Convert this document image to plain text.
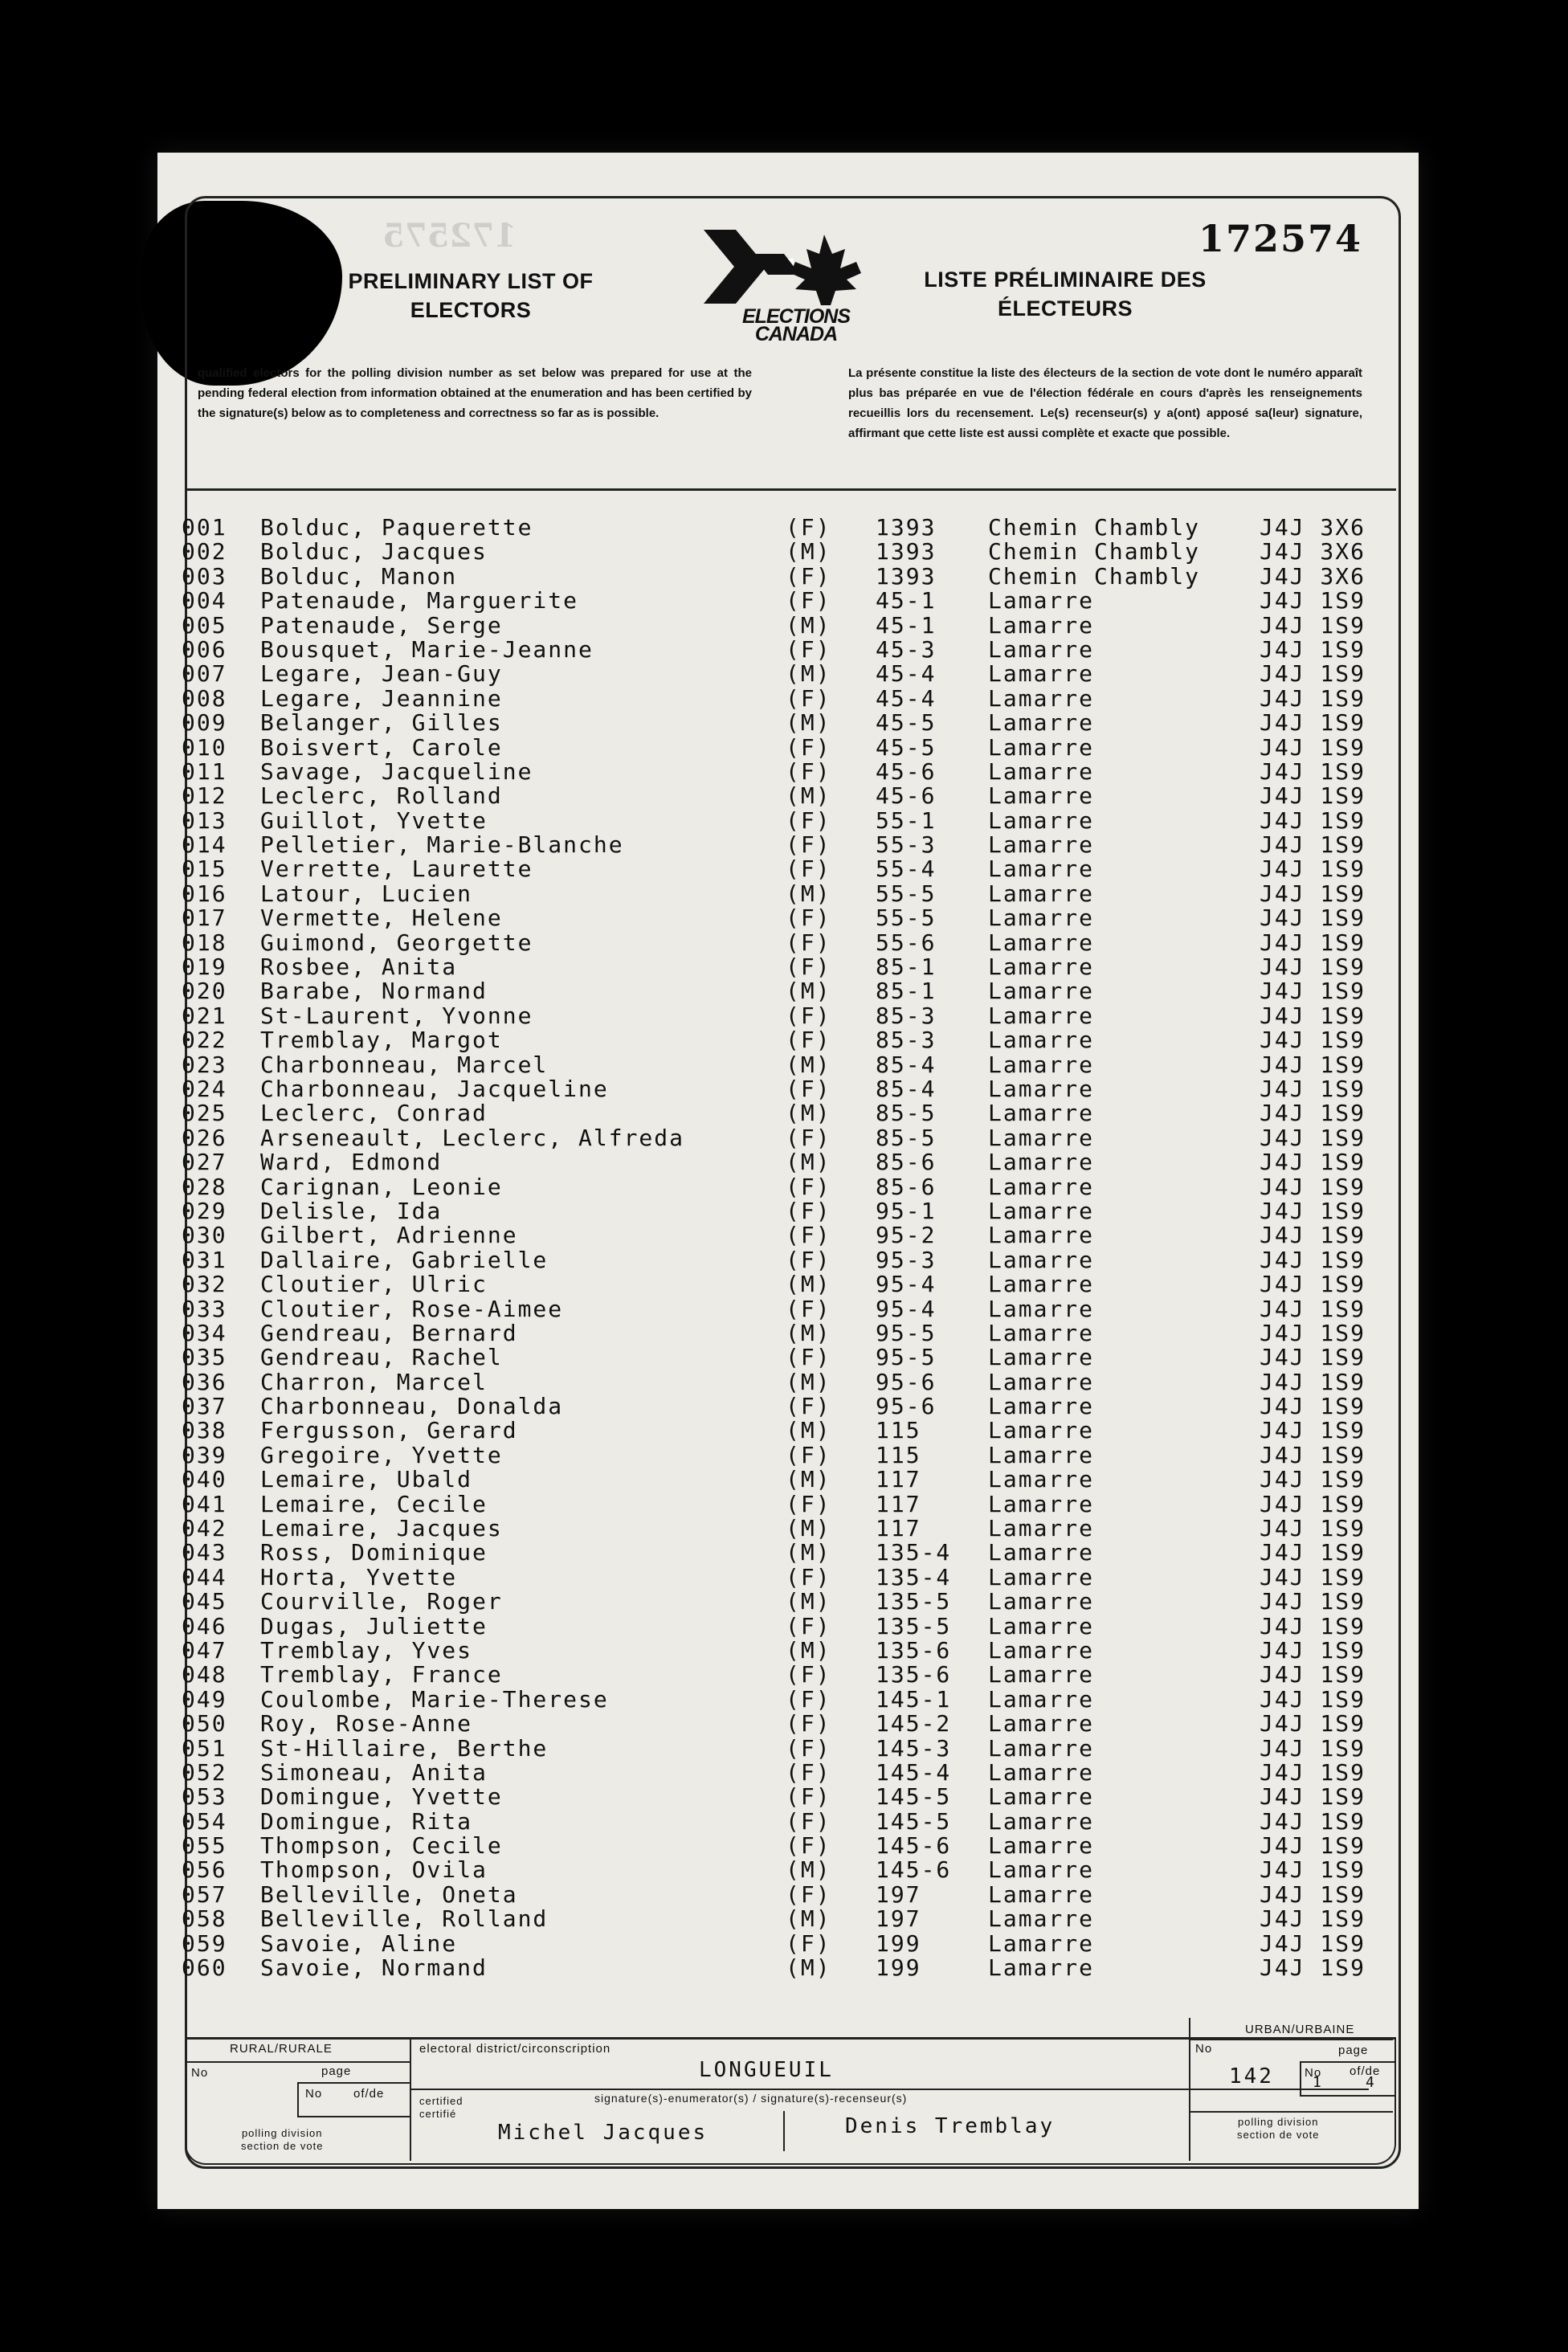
172575	172574
PRELIMINARY LIST OF ELECTORS
LISTE PRÉLIMINAIRE DES ÉLECTEURS
ELECTIONS
CANADA
qualified electors for the polling division number as set below was prepared for use at the pending federal election from information obtained at the enumeration and has been certified by the signature(s) below as to completeness and correctness so far as is possible.
La présente constitue la liste des électeurs de la section de vote dont le numéro apparaît plus bas préparée en vue de l'élection fédérale en cours d'après les renseignements recueillis lors du recensement. Le(s) recenseur(s) y a(ont) apposé sa(leur) signature, affirmant que cette liste est aussi complète et exacte que possible.
001 Bolduc, Paquerette	(F) 1393 Chemin Chambly	J4J 3X6
002 Bolduc, Jacques	(M) 1393 Chemin Chambly	J4J 3X6
003 Bolduc, Manon	(F) 1393 Chemin Chambly	J4J 3X6
004 Patenaude, Marguerite	(F) 45-1 Lamarre	J4J 1S9
005 Patenaude, Serge	(M) 45-1 Lamarre	J4J 1S9
006 Bousquet, Marie-Jeanne	(F) 45-3 Lamarre	J4J 1S9
007 Legare, Jean-Guy	(M) 45-4 Lamarre	J4J 1S9
008 Legare, Jeannine	(F) 45-4 Lamarre	J4J 1S9
009 Belanger, Gilles	(M) 45-5 Lamarre	J4J 1S9
010 Boisvert, Carole	(F) 45-5 Lamarre	J4J 1S9
011 Savage, Jacqueline	(F) 45-6 Lamarre	J4J 1S9
012 Leclerc, Rolland	(M) 45-6 Lamarre	J4J 1S9
013 Guillot, Yvette	(F) 55-1 Lamarre	J4J 1S9
014 Pelletier, Marie-Blanche	(F) 55-3 Lamarre	J4J 1S9
015 Verrette, Laurette	(F) 55-4 Lamarre	J4J 1S9
016 Latour, Lucien	(M) 55-5 Lamarre	J4J 1S9
017 Vermette, Helene	(F) 55-5 Lamarre	J4J 1S9
018 Guimond, Georgette	(F) 55-6 Lamarre	J4J 1S9
019 Rosbee, Anita	(F) 85-1 Lamarre	J4J 1S9
020 Barabe, Normand	(M) 85-1 Lamarre	J4J 1S9
021 St-Laurent, Yvonne	(F) 85-3 Lamarre	J4J 1S9
022 Tremblay, Margot	(F) 85-3 Lamarre	J4J 1S9
023 Charbonneau, Marcel	(M) 85-4 Lamarre	J4J 1S9
024 Charbonneau, Jacqueline	(F) 85-4 Lamarre	J4J 1S9
025 Leclerc, Conrad	(M) 85-5 Lamarre	J4J 1S9
026 Arseneault, Leclerc, Alfreda	(F) 85-5 Lamarre	J4J 1S9
027 Ward, Edmond	(M) 85-6 Lamarre	J4J 1S9
028 Carignan, Leonie	(F) 85-6 Lamarre	J4J 1S9
029 Delisle, Ida	(F) 95-1 Lamarre	J4J 1S9
030 Gilbert, Adrienne	(F) 95-2 Lamarre	J4J 1S9
031 Dallaire, Gabrielle	(F) 95-3 Lamarre	J4J 1S9
032 Cloutier, Ulric	(M) 95-4 Lamarre	J4J 1S9
033 Cloutier, Rose-Aimee	(F) 95-4 Lamarre	J4J 1S9
034 Gendreau, Bernard	(M) 95-5 Lamarre	J4J 1S9
035 Gendreau, Rachel	(F) 95-5 Lamarre	J4J 1S9
036 Charron, Marcel	(M) 95-6 Lamarre	J4J 1S9
037 Charbonneau, Donalda	(F) 95-6 Lamarre	J4J 1S9
038 Fergusson, Gerard	(M) 115	Lamarre	J4J 1S9
039 Gregoire, Yvette	(F) 115	Lamarre	J4J 1S9
040 Lemaire, Ubald	(M) 117	Lamarre	J4J 1S9
041 Lemaire, Cecile	(F) 117	Lamarre	J4J 1S9
042 Lemaire, Jacques	(M) 117	Lamarre	J4J 1S9
043 Ross, Dominique	(M) 135-4 Lamarre	J4J 1S9
044 Horta, Yvette	(F) 135-4 Lamarre	J4J 1S9
045 Courville, Roger	(M) 135-5 Lamarre	J4J 1S9
046 Dugas, Juliette	(F) 135-5 Lamarre	J4J 1S9
047 Tremblay, Yves	(M) 135-6 Lamarre	J4J 1S9
048 Tremblay, France	(F) 135-6 Lamarre	J4J 1S9
049 Coulombe, Marie-Therese	(F) 145-1 Lamarre	J4J 1S9
050 Roy, Rose-Anne	(F) 145-2 Lamarre	J4J 1S9
051 St-Hillaire, Berthe	(F) 145-3 Lamarre	J4J 1S9
052 Simoneau, Anita	(F) 145-4 Lamarre	J4J 1S9
053 Domingue, Yvette	(F) 145-5 Lamarre	J4J 1S9
054 Domingue, Rita	(F) 145-5 Lamarre	J4J 1S9
055 Thompson, Cecile	(F) 145-6 Lamarre	J4J 1S9
056 Thompson, Ovila	(M) 145-6 Lamarre	J4J 1S9
057 Belleville, Oneta	(F) 197	Lamarre	J4J 1S9
058 Belleville, Rolland	(M) 197	Lamarre	J4J 1S9
059 Savoie, Aline	(F) 199	Lamarre	J4J 1S9
060 Savoie, Normand	(M) 199	Lamarre	J4J 1S9
RURAL/RURALE
No	page
No	of/de
polling division
section de vote
electoral district/circonscription
LONGUEUIL
certified
certifié
signature(s)-enumerator(s) / signature(s)-recenseur(s)
Michel Jacques	Denis Tremblay
URBAN/URBAINE
No	page
142	No
1
of/de
4
polling division
section de vote
